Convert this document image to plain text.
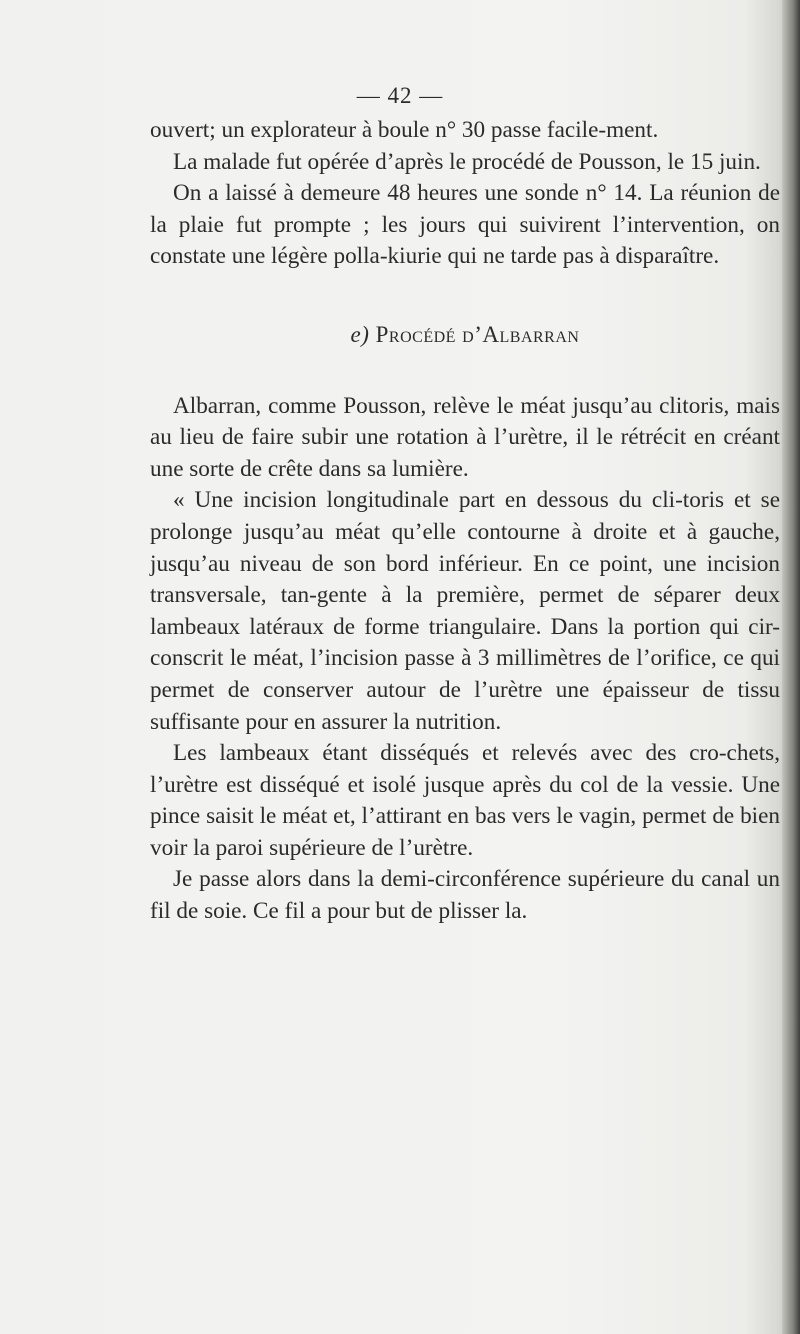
— 42 —

ouvert; un explorateur à boule n° 30 passe facile-ment.

La malade fut opérée d’après le procédé de Pousson, le 15 juin.

On a laissé à demeure 48 heures une sonde n° 14. La réunion de la plaie fut prompte ; les jours qui suivirent l’intervention, on constate une légère polla-kiurie qui ne tarde pas à disparaître.

e) Procédé d’Albarran

Albarran, comme Pousson, relève le méat jusqu’au clitoris, mais au lieu de faire subir une rotation à l’urètre, il le rétrécit en créant une sorte de crête dans sa lumière.

« Une incision longitudinale part en dessous du cli-toris et se prolonge jusqu’au méat qu’elle contourne à droite et à gauche, jusqu’au niveau de son bord inférieur. En ce point, une incision transversale, tan-gente à la première, permet de séparer deux lambeaux latéraux de forme triangulaire. Dans la portion qui cir-conscrit le méat, l’incision passe à 3 millimètres de l’orifice, ce qui permet de conserver autour de l’urètre une épaisseur de tissu suffisante pour en assurer la nutrition.

Les lambeaux étant disséqués et relevés avec des cro-chets, l’urètre est disséqué et isolé jusque après du col de la vessie. Une pince saisit le méat et, l’attirant en bas vers le vagin, permet de bien voir la paroi supérieure de l’urètre.

Je passe alors dans la demi-circonférence supérieure du canal un fil de soie. Ce fil a pour but de plisser la.
